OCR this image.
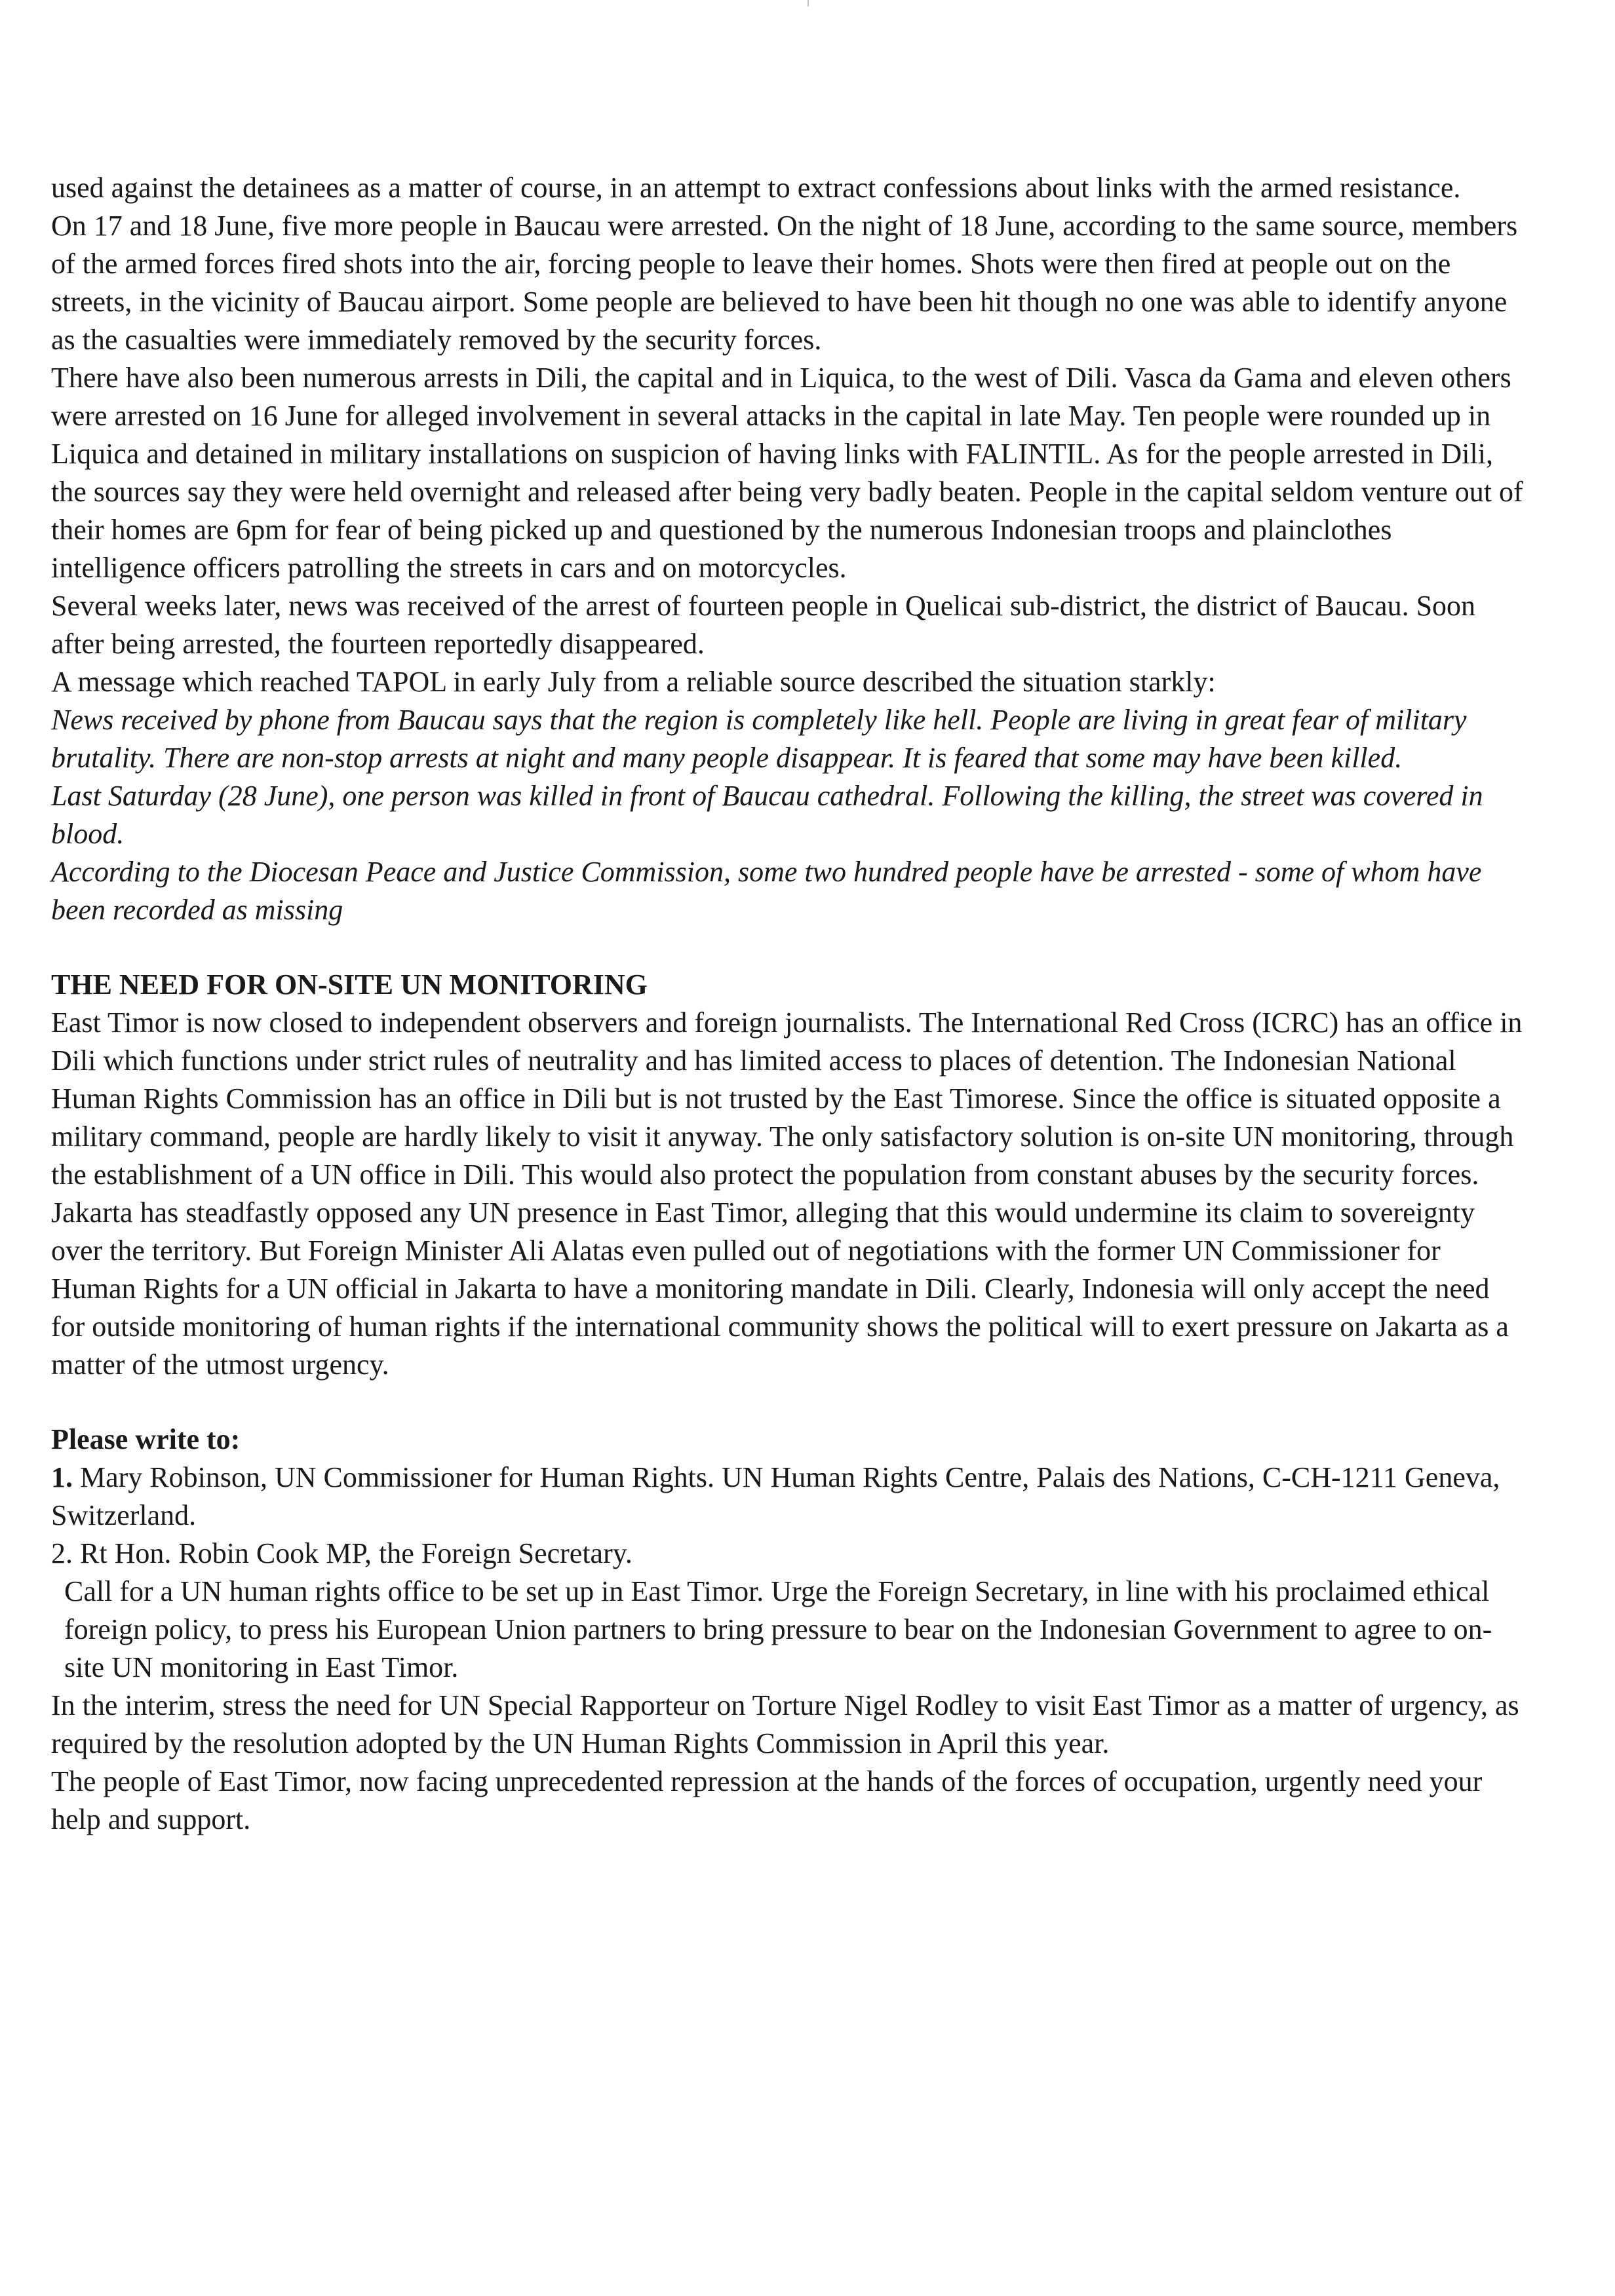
used against the detainees as a matter of course, in an attempt to extract confessions about links with the armed resistance.

On 17 and 18 June, five more people in Baucau were arrested. On the night of 18 June, according to the same source, members of the armed forces fired shots into the air, forcing people to leave their homes. Shots were then fired at people out on the streets, in the vicinity of Baucau airport. Some people are believed to have been hit though no one was able to identify anyone as the casualties were immediately removed by the security forces.

There have also been numerous arrests in Dili, the capital and in Liquica, to the west of Dili. Vasca da Gama and eleven others were arrested on 16 June for alleged involvement in several attacks in the capital in late May. Ten people were rounded up in Liquica and detained in military installations on suspicion of having links with FALINTIL. As for the people arrested in Dili, the sources say they were held overnight and released after being very badly beaten. People in the capital seldom venture out of their homes are 6pm for fear of being picked up and questioned by the numerous Indonesian troops and plainclothes intelligence officers patrolling the streets in cars and on motorcycles.

Several weeks later, news was received of the arrest of fourteen people in Quelicai sub-district, the district of Baucau. Soon after being arrested, the fourteen reportedly disappeared.

A message which reached TAPOL in early July from a reliable source described the situation starkly:

News received by phone from Baucau says that the region is completely like hell. People are living in great fear of military brutality. There are non-stop arrests at night and many people disappear. It is feared that some may have been killed.

Last Saturday (28 June), one person was killed in front of Baucau cathedral. Following the killing, the street was covered in blood.

According to the Diocesan Peace and Justice Commission, some two hundred people have be arrested - some of whom have been recorded as missing

THE NEED FOR ON-SITE UN MONITORING

East Timor is now closed to independent observers and foreign journalists. The International Red Cross (ICRC) has an office in Dili which functions under strict rules of neutrality and has limited access to places of detention. The Indonesian National Human Rights Commission has an office in Dili but is not trusted by the East Timorese. Since the office is situated opposite a military command, people are hardly likely to visit it anyway. The only satisfactory solution is on-site UN monitoring, through the establishment of a UN office in Dili. This would also protect the population from constant abuses by the security forces. Jakarta has steadfastly opposed any UN presence in East Timor, alleging that this would undermine its claim to sovereignty over the territory. But Foreign Minister Ali Alatas even pulled out of negotiations with the former UN Commissioner for Human Rights for a UN official in Jakarta to have a monitoring mandate in Dili. Clearly, Indonesia will only accept the need for outside monitoring of human rights if the international community shows the political will to exert pressure on Jakarta as a matter of the utmost urgency.

Please write to:

1. Mary Robinson, UN Commissioner for Human Rights. UN Human Rights Centre, Palais des Nations, C-CH-1211 Geneva, Switzerland.

2. Rt Hon. Robin Cook MP, the Foreign Secretary.

Call for a UN human rights office to be set up in East Timor. Urge the Foreign Secretary, in line with his proclaimed ethical foreign policy, to press his European Union partners to bring pressure to bear on the Indonesian Government to agree to on-site UN monitoring in East Timor.

In the interim, stress the need for UN Special Rapporteur on Torture Nigel Rodley to visit East Timor as a matter of urgency, as required by the resolution adopted by the UN Human Rights Commission in April this year.

The people of East Timor, now facing unprecedented repression at the hands of the forces of occupation, urgently need your help and support.
